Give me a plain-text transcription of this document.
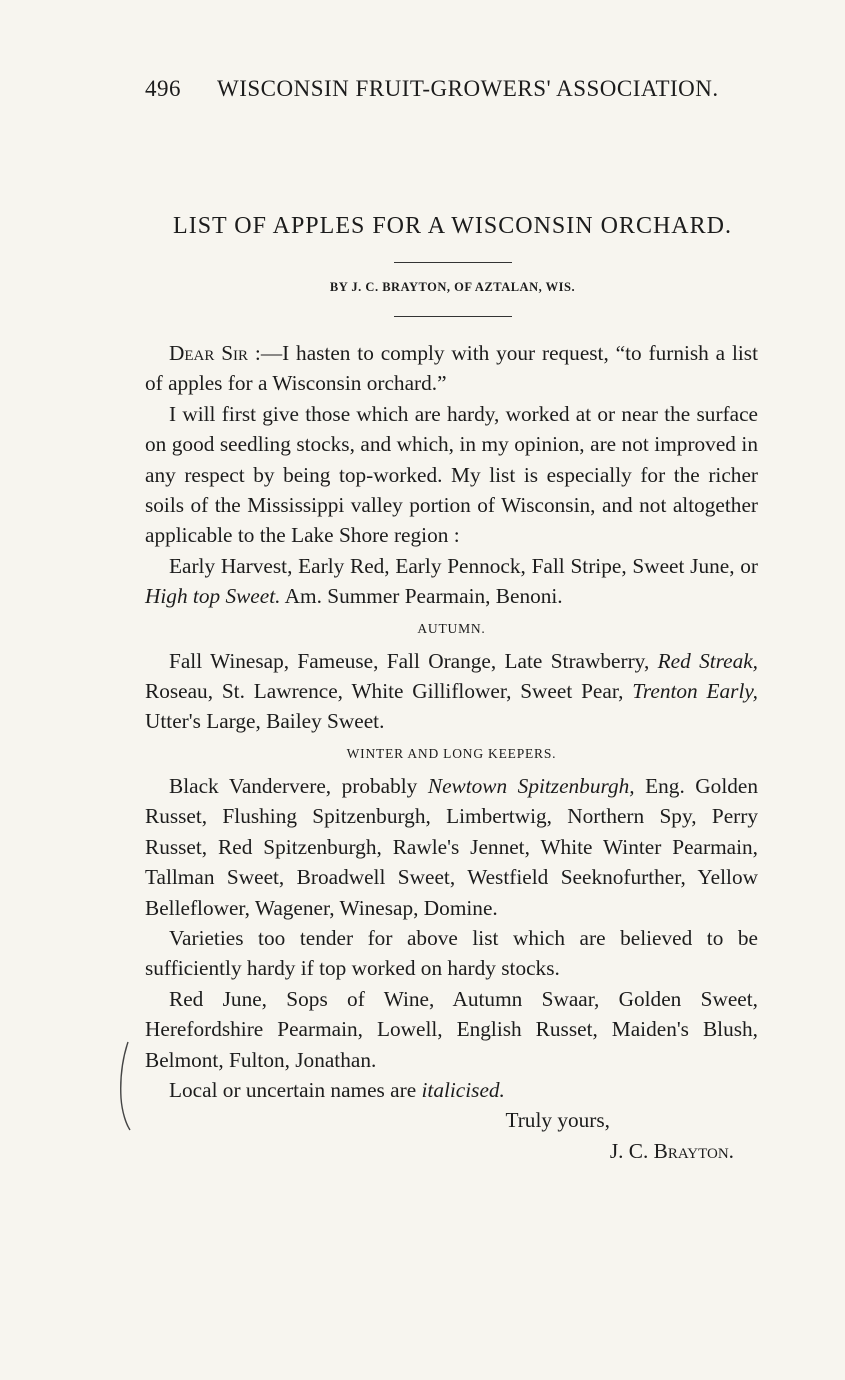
496 WISCONSIN FRUIT-GROWERS' ASSOCIATION.
LIST OF APPLES FOR A WISCONSIN ORCHARD.
BY J. C. BRAYTON, OF AZTALAN, WIS.

Dear Sir :—I hasten to comply with your request, “to furnish a list of apples for a Wisconsin orchard.”

I will first give those which are hardy, worked at or near the surface on good seedling stocks, and which, in my opinion, are not improved in any respect by being top-worked. My list is especially for the richer soils of the Mississippi valley portion of Wisconsin, and not altogether applicable to the Lake Shore region :

Early Harvest, Early Red, Early Pennock, Fall Stripe, Sweet June, or High top Sweet. Am. Summer Pearmain, Benoni.

AUTUMN.

Fall Winesap, Fameuse, Fall Orange, Late Strawberry, Red Streak, Roseau, St. Lawrence, White Gilliflower, Sweet Pear, Trenton Early, Utter's Large, Bailey Sweet.

WINTER AND LONG KEEPERS.

Black Vandervere, probably Newtown Spitzenburgh, Eng. Golden Russet, Flushing Spitzenburgh, Limbertwig, Northern Spy, Perry Russet, Red Spitzenburgh, Rawle's Jennet, White Winter Pearmain, Tallman Sweet, Broadwell Sweet, Westfield Seeknofurther, Yellow Belleflower, Wagener, Winesap, Domine.

Varieties too tender for above list which are believed to be sufficiently hardy if top worked on hardy stocks.

Red June, Sops of Wine, Autumn Swaar, Golden Sweet, Herefordshire Pearmain, Lowell, English Russet, Maiden's Blush, Belmont, Fulton, Jonathan.

Local or uncertain names are italicised.

Truly yours,

J. C. Brayton.
